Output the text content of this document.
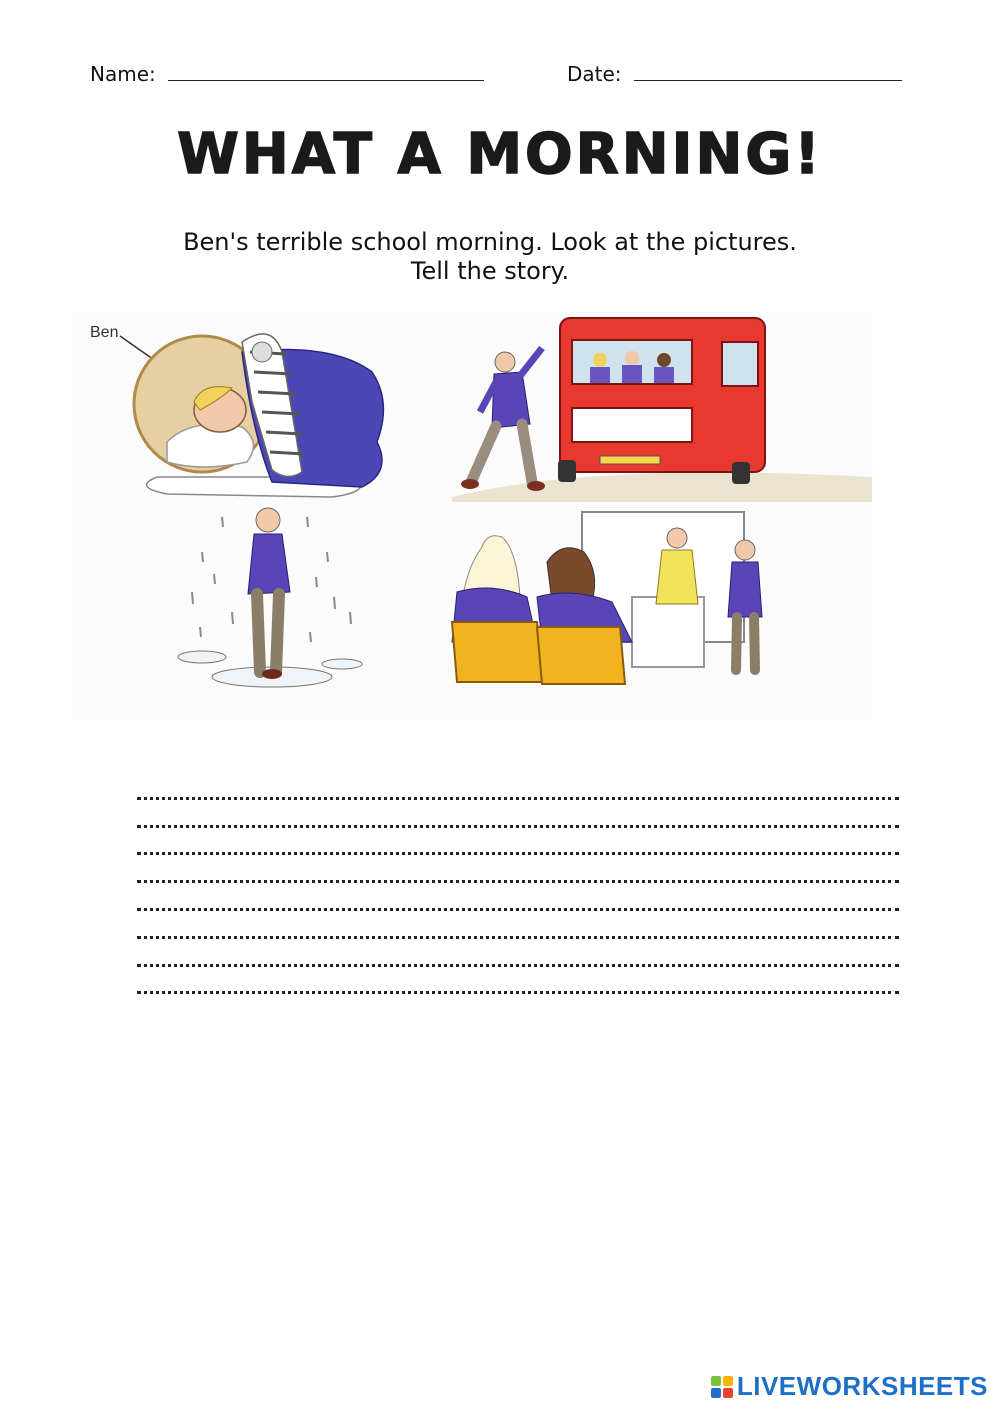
Name:	Date:
WHAT A MORNING!
Ben's terrible school morning. Look at the pictures.
Tell the story.
Ben
LIVEWORKSHEETS
